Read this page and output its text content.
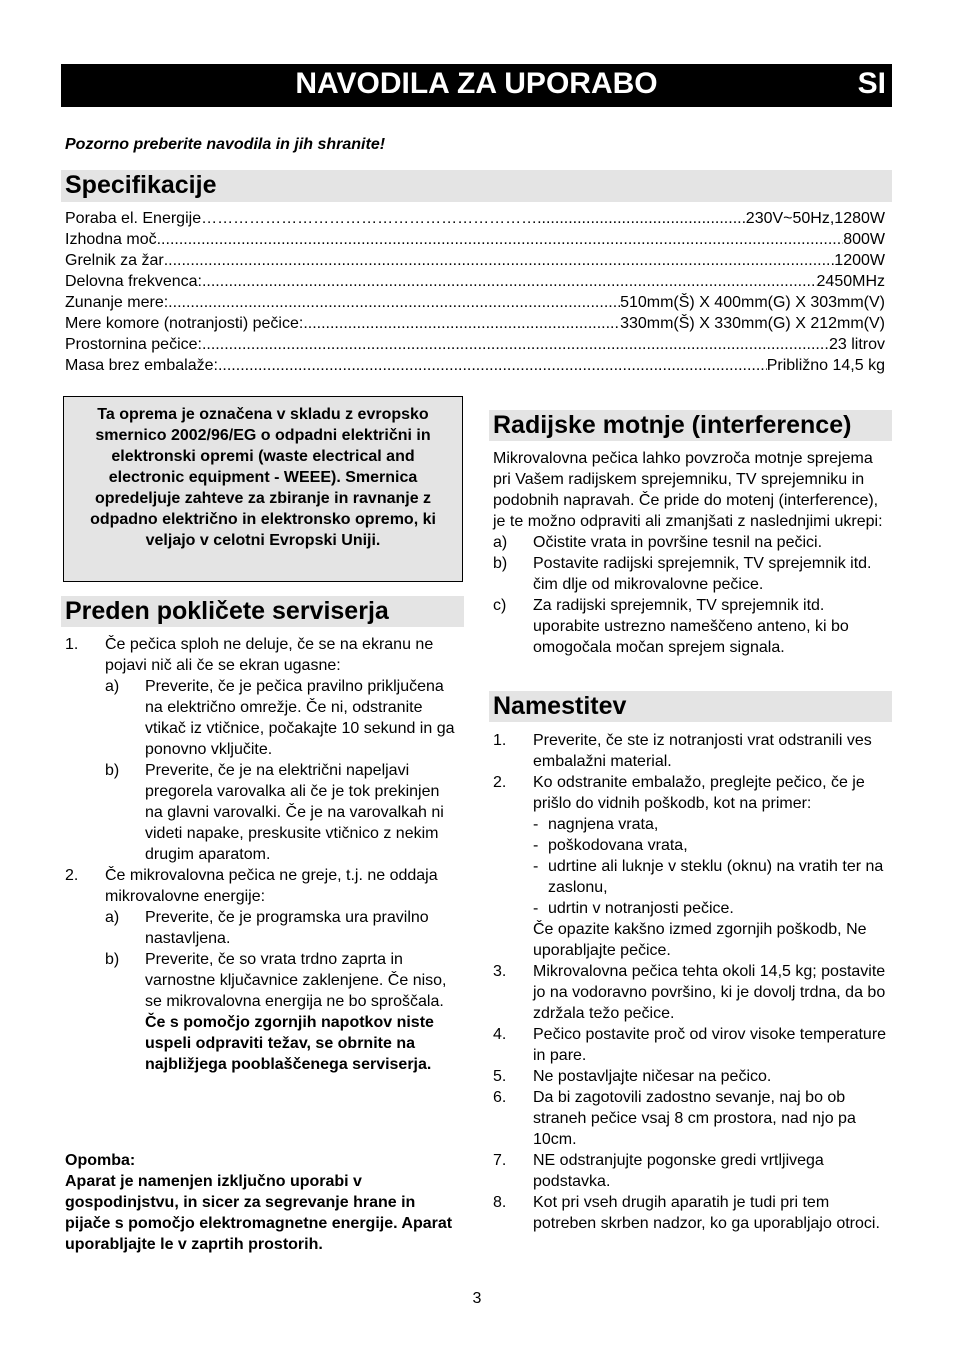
NAVODILA ZA UPORABO	SI
Pozorno preberite navodila in jih shranite!
Specifikacije
Poraba el. Energije……………………………………………………… .....	230V~50Hz,1280W
Izhodna moč .....	800W
Grelnik za žar .....	1200W
Delovna frekvenca: .....	2450MHz
Zunanje mere: .....	510mm(Š) X 400mm(G) X 303mm(V)
Mere komore (notranjosti) pečice: .....	330mm(Š) X 330mm(G) X 212mm(V)
Prostornina pečice: .....	23 litrov
Masa brez embalaže: .....	Približno 14,5 kg
Ta oprema je označena v skladu z evropsko smernico 2002/96/EG o odpadni električni in elektronski opremi (waste electrical and electronic equipment - WEEE). Smernica opredeljuje zahteve za zbiranje in ravnanje z odpadno električno in elektronsko opremo, ki veljajo v celotni Evropski Uniji.
Preden pokličete serviserja
1. Če pečica sploh ne deluje, če se na ekranu ne pojavi nič ali če se ekran ugasne:
a) Preverite, če je pečica pravilno priključena na električno omrežje. Če ni, odstranite vtikač iz vtičnice, počakajte 10 sekund in ga ponovno vključite.
b) Preverite, če je na električni napeljavi pregorela varovalka ali če je tok prekinjen na glavni varovalki. Če je na varovalkah ni videti napake, preskusite vtičnico z nekim drugim aparatom.
2. Če mikrovalovna pečica ne greje, t.j. ne oddaja mikrovalovne energije:
a) Preverite, če je programska ura pravilno nastavljena.
b) Preverite, če so vrata trdno zaprta in varnostne ključavnice zaklenjene. Če niso, se mikrovalovna energija ne bo sproščala.
Če s pomočjo zgornjih napotkov niste uspeli odpraviti težav, se obrnite na najbližjega pooblaščenega serviserja.
Opomba:
Aparat je namenjen izključno uporabi v gospodinjstvu, in sicer za segrevanje hrane in pijače s pomočjo elektromagnetne energije. Aparat uporabljajte le v zaprtih prostorih.
Radijske motnje (interference)
Mikrovalovna pečica lahko povzroča motnje sprejema pri Vašem radijskem sprejemniku, TV sprejemniku in podobnih napravah. Če pride do motenj (interference), je te možno odpraviti ali zmanjšati z naslednjimi ukrepi:
a) Očistite vrata in površine tesnil na pečici.
b) Postavite radijski sprejemnik, TV sprejemnik itd. čim dlje od mikrovalovne pečice.
c) Za radijski sprejemnik, TV sprejemnik itd. uporabite ustrezno nameščeno anteno, ki bo omogočala močan sprejem signala.
Namestitev
1. Preverite, če ste iz notranjosti vrat odstranili ves embalažni material.
2. Ko odstranite embalažo, preglejte pečico, če je prišlo do vidnih poškodb, kot na primer:
- nagnjena vrata,
- poškodovana vrata,
- udrtine ali luknje v steklu (oknu) na vratih ter na zaslonu,
- udrtin v notranjosti pečice.
Če opazite kakšno izmed zgornjih poškodb, Ne uporabljajte pečice.
3. Mikrovalovna pečica tehta okoli 14,5 kg; postavite jo na vodoravno površino, ki je dovolj trdna, da bo zdržala težo pečice.
4. Pečico postavite proč od virov visoke temperature in pare.
5. Ne postavljajte ničesar na pečico.
6. Da bi zagotovili zadostno sevanje, naj bo ob straneh pečice vsaj 8 cm prostora, nad njo pa 10cm.
7. NE odstranjujte pogonske gredi vrtljivega podstavka.
8. Kot pri vseh drugih aparatih je tudi pri tem potreben skrben nadzor, ko ga uporabljajo otroci.
3
